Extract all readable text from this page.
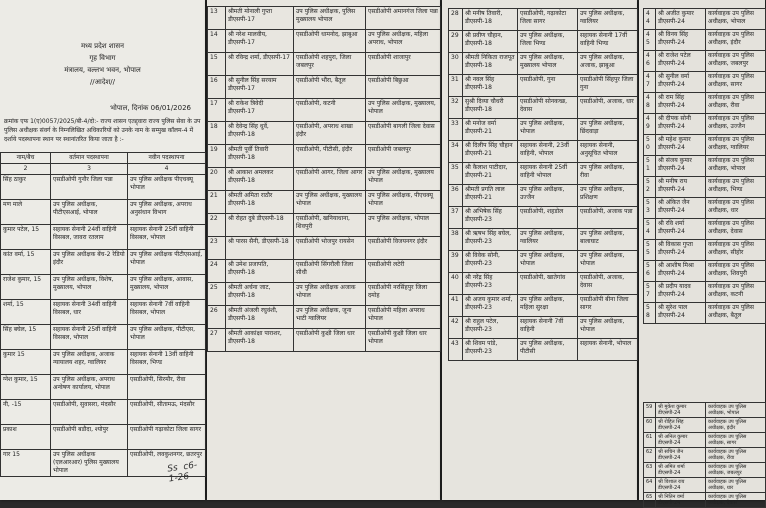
मध्य प्रदेश शासन
गृह विभाग
मंत्रालय, वल्लभ भवन, भोपाल
//आदेश//
भोपाल, दिनांक 06/01/2026
क्रमांक एफ 1(ए)0057/2025/बी-4/दो:- राज्य शासन एतद्द्वारा राज्य पुलिस सेवा के उप पुलिस अधीक्षक संवर्ग के निम्नलिखित अधिकारियों को उनके नाम के सम्मुख कॉलम-4 में दर्शाये पदस्थापना स्थान पर स्थानांतरित किया जाता है :-
नाम/बैच	वर्तमान पदस्थापना	नवीन पदस्थापना
2	3	4
सिंह ठाकुर	एसडीओपी गुनौर जिला पन्ना	उप पुलिस अधीक्षक पीएचक्यू भोपाल
मण माले	उप पुलिस अधीक्षक, पीटीएसआई, भोपाल	उप पुलिस अधीक्षक, अपराध अनुसंधान विभाग
कुमार पटेल, 15	सहायक सेनानी 24वीं वाहिनी विसबल, जावरा रतलाम	सहायक सेनानी 25वीं वाहिनी विसबल, भोपाल
कांत वर्मा, 15	उप पुलिस अधीक्षक बेंच-2 रेडियो इंदौर	उप पुलिस अधीक्षक पीटीएसआई, भोपाल
राजेश कुमार, 15	उप पुलिस अधीक्षक, विशेष, मुख्यालय, भोपाल	उप पुलिस अधीक्षक, आवास, मुख्यालय, भोपाल
शर्मा, 15	सहायक सेनानी 34वीं वाहिनी विसबल, धार	सहायक सेनानी 7वीं वाहिनी विसबल, भोपाल
सिंह बघेल, 15	सहायक सेनानी 25वीं वाहिनी विसबल, भोपाल	उप पुलिस अधीक्षक, पीटीएस, भोपाल
कुमार 15	उप पुलिस अधीक्षक, अजाक न्यायालय शहर, ग्वालियर	सहायक सेनानी 13वीं वाहिनी विसबल, भिण्ड
ग्नेश कुमार, 15	उप पुलिस अधीक्षक, अपराध अन्वेषण कार्यालय, भोपाल	एसडीओपी, सिरमौर, रीवा
नी, -15	एसडीओपी, सुवासरा, मंदसौर	एसडीओपी, सीतामऊ, मंदसौर
प्रकाश	एसडीओपी बडौदा, श्योपुर	एसडीओपी गढ़ाकोटा जिला सागर
गार 15	उप पुलिस अधीक्षक (एलआरआर) पुलिस मुख्यालय भोपाल	एसडीओपी, लवकुशनगर, छतरपुर
Ss  c6-1-26
13	श्रीमती मोनाली गुप्ता डीएसपी-17	उप पुलिस अधीक्षक, पुलिस मुख्यालय भोपाल	एसडीओपी अमानगंज जिला पन्ना
14	श्री नरेश मालवीय, डीएसपी-17	एसडीओपी धामनोद, झाबुआ	उप पुलिस अधीक्षक, महिला अपराध, भोपाल
15	श्री रविन्द्र शर्मा, डीएसपी-17	एसडीओपी शहपुरा, जिला जबलपुर	एसडीओपी शाजापुर
16	श्री सुनील सिंह सरयाम डीएसपी-17	एसडीओपी भौंरा, बैतूल	एसडीओपी बिछुआ
17	श्री राकेश त्रिवेदी डीएसपी-17	एसडीओपी, कटनी	उप पुलिस अधीक्षक, मुख्यालय, भोपाल
18	श्री देवेन्द्र सिंह धुर्वे, डीएसपी-18	एसडीओपी, अपराध शाखा इंदौर	एसडीओपी बागली जिला देवास
19	श्रीमती पूर्वी तिवारी डीएसपी-18	एसडीओपी, पीटीसी, इंदौर	एसडीओपी जबलपुर
20	श्री आकाश अमलकर डीएसपी-18	एसडीओपी आगर, जिला आगर	उप पुलिस अधीक्षक, मुख्यालय भोपाल
21	श्रीमती अमिता राठौर डीएसपी-18	उप पुलिस अधीक्षक, मुख्यालय भोपाल	उप पुलिस अधीक्षक, पीएचक्यू भोपाल
22	श्री रोहत दुबे डीएसपी-18	एसडीओपी, खनियाधाना, शिवपुरी	उप पुलिस अधीक्षक, भोपाल
23	श्री पारस सैनी, डीएसपी-18	एसडीओपी भोजपुर रायसेन	एसडीओपी विजयनगर इंदौर
24	श्री उमेश प्रजापति, डीएसपी-18	एसडीओपी सिंगरौली जिला सीधी	एसडीओपी लटेरी
25	श्रीमती अर्चना जाट, डीएसपी-18	उप पुलिस अधीक्षक अजाक भोपाल	एसडीओपी नरसिंहपुर जिला दमोह
26	श्रीमती अंजली रघुवंशी, डीएसपी-18	उप पुलिस अधीक्षक, जूना भाटी ग्वालियर	एसडीओपी महिला अपराध भोपाल
27	श्रीमती आकांक्षा पाराशर, डीएसपी-18	एसडीओपी कुक्षी जिला धार	एसडीओपी कुक्षी जिला धार भोपाल
28	श्री मनीष तिवारी, डीएसपी-18	एसडीओपी, गढ़ाकोटा जिला सागर	उप पुलिस अधीक्षक, ग्वालियर
29	श्री प्रवीण चौहान, डीएसपी-18	उप पुलिस अधीक्षक, जिला भिण्ड	सहायक सेनानी 17वीं वाहिनी भिण्ड
30	श्रीमती निकिता राजपूत डीएसपी-18	उप पुलिस अधीक्षक, मुख्यालय भोपाल	उप पुलिस अधीक्षक, अजाक, झाबुआ
31	श्री नवल सिंह डीएसपी-18	एसडीओपी, गुना	एसडीओपी सिंहपुर जिला गुना
32	सुश्री दिव्या चौधरी डीएसपी-18	एसडीओपी सोनकच्छ, देवास	एसडीओपी, अजाक, धार
33	श्री मनोज वर्मा डीएसपी-21	उप पुलिस अधीक्षक, भोपाल	उप पुलिस अधीक्षक, छिंदवाड़ा
34	श्री दिलीप सिंह चौहान डीएसपी-21	सहायक सेनानी, 23वीं वाहिनी, भोपाल	सहायक सेनानी, अनुसूचित भोपाल
35	श्री कैलाश पाटीदार, डीएसपी-21	सहायक सेनानी 25वीं वाहिनी भोपाल	उप पुलिस अधीक्षक, रीवा
36	श्रीमती प्रगति लाल डीएसपी-21	उप पुलिस अधीक्षक, उज्जैन	उप पुलिस अधीक्षक, प्रशिक्षण
37	श्री अभिषेक सिंह डीएसपी-23	एसडीओपी, शहडोल	एसडीओपी, अजाक पन्ना
38	श्री ऋषभ सिंह बघेल, डीएसपी-23	उप पुलिस अधीक्षक, ग्वालियर	उप पुलिस अधीक्षक, बालाघाट
39	श्री विवेक सोनी, डीएसपी-23	उप पुलिस अधीक्षक, भोपाल	उप पुलिस अधीक्षक, भोपाल
40	श्री नरेंद्र सिंह डीएसपी-23	एसडीओपी, खातेगांव	एसडीओपी, अजाक, देवास
41	श्री अजय कुमार शर्मा, डीएसपी-23	उप पुलिस अधीक्षक, महिला सुरक्षा	एसडीओपी बीना जिला सागर
42	श्री राहुल पटेल, डीएसपी-23	सहायक सेनानी 7वीं वाहिनी	उप पुलिस अधीक्षक, भोपाल
43	श्री शिवम पांडे, डीएसपी-23	उप पुलिस अधीक्षक, पीटीसी	सहायक सेनानी, भोपाल
44	श्री अजीत कुमार डीएसपी-24	कार्यवाहक उप पुलिस अधीक्षक, भोपाल
45	श्री विनय सिंह डीएसपी-24	कार्यवाहक उप पुलिस अधीक्षक, इंदौर
46	श्री राजेश पटेल डीएसपी-24	कार्यवाहक उप पुलिस अधीक्षक, जबलपुर
47	श्री सुनील वर्मा डीएसपी-24	कार्यवाहक उप पुलिस अधीक्षक, सागर
48	श्री राम सिंह डीएसपी-24	कार्यवाहक उप पुलिस अधीक्षक, रीवा
49	श्री दीपक सोनी डीएसपी-24	कार्यवाहक उप पुलिस अधीक्षक, उज्जैन
50	श्री महेश कुमार डीएसपी-24	कार्यवाहक उप पुलिस अधीक्षक, ग्वालियर
51	श्री संजय कुमार डीएसपी-24	कार्यवाहक उप पुलिस अधीक्षक, भोपाल
52	श्री मनीष राय डीएसपी-24	कार्यवाहक उप पुलिस अधीक्षक, भिण्ड
53	श्री अंकित जैन डीएसपी-24	कार्यवाहक उप पुलिस अधीक्षक, धार
54	श्री रवि शर्मा डीएसपी-24	कार्यवाहक उप पुलिस अधीक्षक, देवास
55	श्री विकास गुप्ता डीएसपी-24	कार्यवाहक उप पुलिस अधीक्षक, सीहोर
56	श्री आशीष मिश्रा डीएसपी-24	कार्यवाहक उप पुलिस अधीक्षक, शिवपुरी
57	श्री प्रदीप यादव डीएसपी-24	कार्यवाहक उप पुलिस अधीक्षक, कटनी
58	श्री सुरेश पाल डीएसपी-24	कार्यवाहक उप पुलिस अधीक्षक, बैतूल
59	श्री मुकेश कुमार डीएसपी-24	कार्यवाहक उप पुलिस अधीक्षक, भोपाल
60	श्री रोहित सिंह डीएसपी-24	कार्यवाहक उप पुलिस अधीक्षक, इंदौर
61	श्री अनिल कुमार डीएसपी-24	कार्यवाहक उप पुलिस अधीक्षक, सागर
62	श्री सचिन जैन डीएसपी-24	कार्यवाहक उप पुलिस अधीक्षक, रीवा
63	श्री अमित शर्मा डीएसपी-24	कार्यवाहक उप पुलिस अधीक्षक, जबलपुर
64	श्री विशाल राय डीएसपी-24	कार्यवाहक उप पुलिस अधीक्षक, धार
65	श्री नितिन वर्मा डीएसपी-24	कार्यवाहक उप पुलिस अधीक्षक, देवास
